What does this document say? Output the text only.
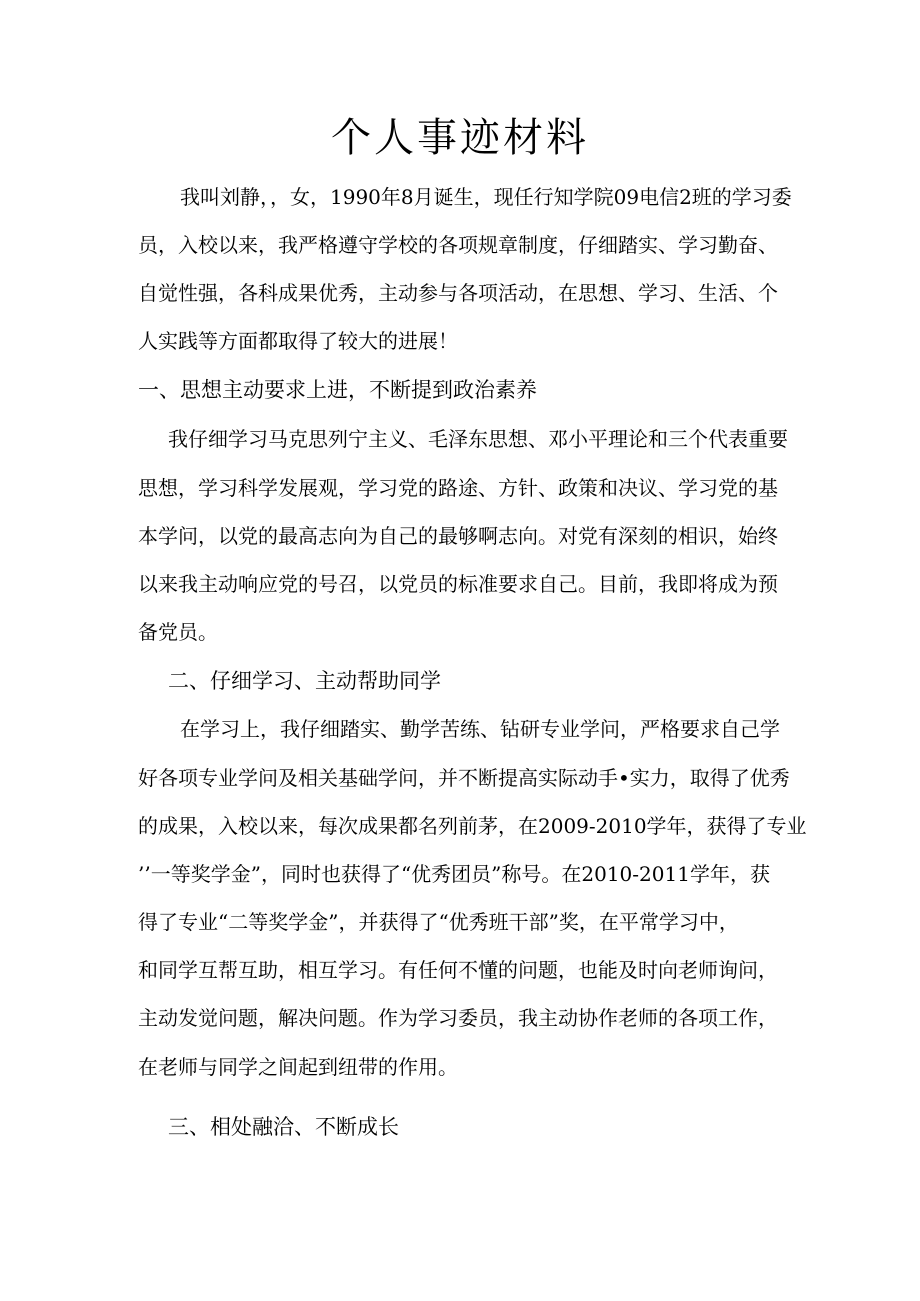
个人事迹材料
我叫刘静，，女，1990年8月诞生，现任行知学院09电信2班的学习委
员，入校以来，我严格遵守学校的各项规章制度，仔细踏实、学习勤奋、
自觉性强，各科成果优秀，主动参与各项活动，在思想、学习、生活、个
人实践等方面都取得了较大的进展！
一、思想主动要求上进，不断提到政治素养
我仔细学习马克思列宁主义、毛泽东思想、邓小平理论和三个代表重要
思想，学习科学发展观，学习党的路途、方针、政策和决议、学习党的基
本学问，以党的最高志向为自己的最够啊志向。对党有深刻的相识，始终
以来我主动响应党的号召，以党员的标准要求自己。目前，我即将成为预
备党员。
二、仔细学习、主动帮助同学
在学习上，我仔细踏实、勤学苦练、钻研专业学问，严格要求自己学
好各项专业学问及相关基础学问，并不断提高实际动手•实力，取得了优秀
的成果，入校以来，每次成果都名列前茅，在2009-2010学年，获得了专业
’’一等奖学金”，同时也获得了“优秀团员”称号。在2010-2011学年，获
得了专业“二等奖学金”，并获得了“优秀班干部”奖，在平常学习中，
和同学互帮互助，相互学习。有任何不懂的问题，也能及时向老师询问，
主动发觉问题，解决问题。作为学习委员，我主动协作老师的各项工作，
在老师与同学之间起到纽带的作用。
三、相处融洽、不断成长
